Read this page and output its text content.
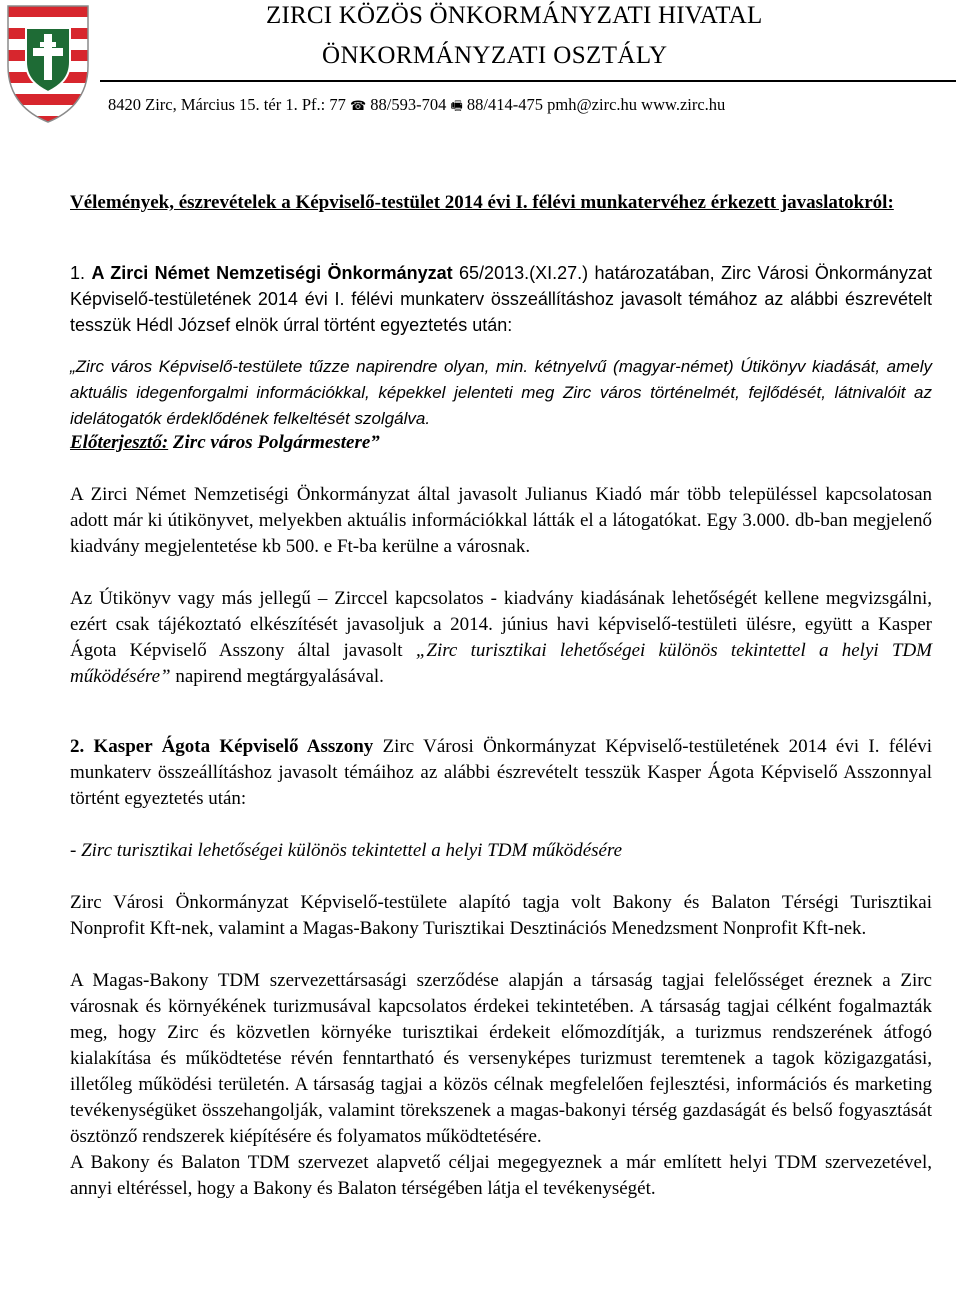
ZIRCI KÖZÖS ÖNKORMÁNYZATI HIVATAL
ÖNKORMÁNYZATI OSZTÁLY
8420 Zirc, Március 15. tér 1. Pf.: 77 ☎ 88/593-704 🖷 88/414-475 pmh@zirc.hu www.zirc.hu

Vélemények, észrevételek a Képviselő-testület 2014 évi I. félévi munkatervéhez érkezett javaslatokról:

1. A Zirci Német Nemzetiségi Önkormányzat 65/2013.(XI.27.) határozatában, Zirc Városi Önkormányzat Képviselő-testületének 2014 évi I. félévi munkaterv összeállításhoz javasolt témához az alábbi észrevételt tesszük Hédl József elnök úrral történt egyeztetés után:

„Zirc város Képviselő-testülete tűzze napirendre olyan, min. kétnyelvű (magyar-német) Útikönyv kiadását, amely aktuális idegenforgalmi információkkal, képekkel jelenteti meg Zirc város történelmét, fejlődését, látnivalóit az idelátogatók érdeklődének felkeltését szolgálva.

Előterjesztő: Zirc város Polgármestere”

A Zirci Német Nemzetiségi Önkormányzat által javasolt Julianus Kiadó már több településsel kapcsolatosan adott már ki útikönyvet, melyekben aktuális információkkal látták el a látogatókat. Egy 3.000. db-ban megjelenő kiadvány megjelentetése kb 500. e Ft-ba kerülne a városnak.

Az Útikönyv vagy más jellegű – Zirccel kapcsolatos - kiadvány kiadásának lehetőségét kellene megvizsgálni, ezért csak tájékoztató elkészítését javasoljuk a 2014. június havi képviselő-testületi ülésre, együtt a Kasper Ágota Képviselő Asszony által javasolt „Zirc turisztikai lehetőségei különös tekintettel a helyi TDM működésére” napirend megtárgyalásával.

2. Kasper Ágota Képviselő Asszony Zirc Városi Önkormányzat Képviselő-testületének 2014 évi I. félévi munkaterv összeállításhoz javasolt témáihoz az alábbi észrevételt tesszük Kasper Ágota Képviselő Asszonnyal történt egyeztetés után:

- Zirc turisztikai lehetőségei különös tekintettel a helyi TDM működésére

Zirc Városi Önkormányzat Képviselő-testülete alapító tagja volt Bakony és Balaton Térségi Turisztikai Nonprofit Kft-nek, valamint a Magas-Bakony Turisztikai Desztinációs Menedzsment Nonprofit Kft-nek.

A Magas-Bakony TDM szervezettársasági szerződése alapján a társaság tagjai felelősséget éreznek a Zirc városnak és környékének turizmusával kapcsolatos érdekei tekintetében. A társaság tagjai célként fogalmazták meg, hogy Zirc és közvetlen környéke turisztikai érdekeit előmozdítják, a turizmus rendszerének átfogó kialakítása és működtetése révén fenntartható és versenyképes turizmust teremtenek a tagok közigazgatási, illetőleg működési területén. A társaság tagjai a közös célnak megfelelően fejlesztési, információs és marketing tevékenységüket összehangolják, valamint törekszenek a magas-bakonyi térség gazdaságát és belső fogyasztását ösztönző rendszerek kiépítésére és folyamatos működtetésére.

A Bakony és Balaton TDM szervezet alapvető céljai megegyeznek a már említett helyi TDM szervezetével, annyi eltéréssel, hogy a Bakony és Balaton térségében látja el tevékenységét.
